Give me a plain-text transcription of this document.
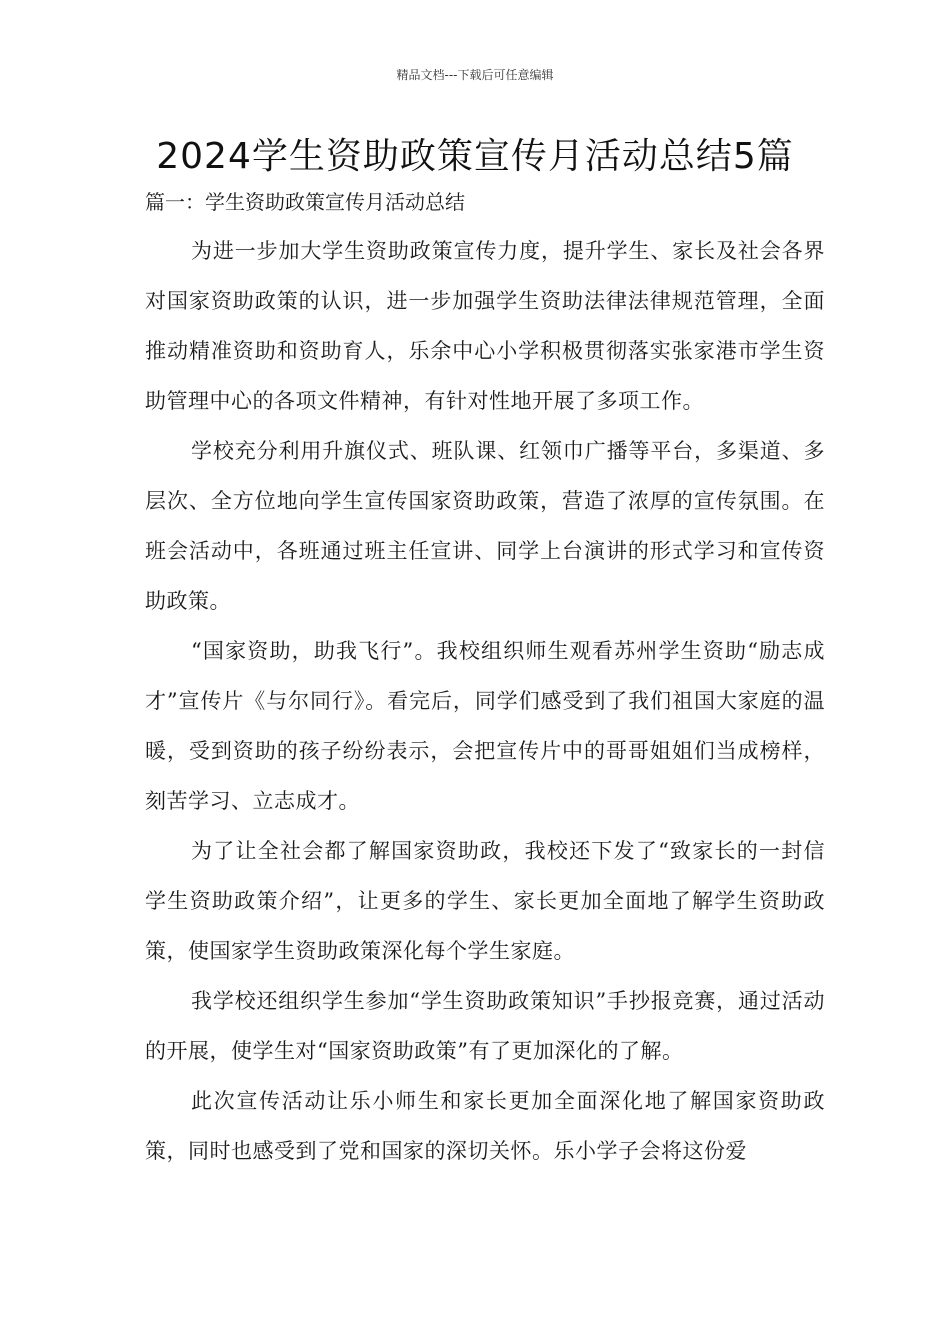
精品文档---下载后可任意编辑
2024学生资助政策宣传月活动总结5篇
篇一：学生资助政策宣传月活动总结

为进一步加大学生资助政策宣传力度，提升学生、家长及社会各界对国家资助政策的认识，进一步加强学生资助法律法律规范管理，全面推动精准资助和资助育人，乐余中心小学积极贯彻落实张家港市学生资助管理中心的各项文件精神，有针对性地开展了多项工作。

学校充分利用升旗仪式、班队课、红领巾广播等平台，多渠道、多层次、全方位地向学生宣传国家资助政策，营造了浓厚的宣传氛围。在班会活动中，各班通过班主任宣讲、同学上台演讲的形式学习和宣传资助政策。

“国家资助，助我飞行”。我校组织师生观看苏州学生资助“励志成才”宣传片《与尔同行》。看完后，同学们感受到了我们祖国大家庭的温暖，受到资助的孩子纷纷表示，会把宣传片中的哥哥姐姐们当成榜样，刻苦学习、立志成才。

为了让全社会都了解国家资助政，我校还下发了“致家长的一封信学生资助政策介绍”，让更多的学生、家长更加全面地了解学生资助政策，使国家学生资助政策深化每个学生家庭。

我学校还组织学生参加“学生资助政策知识”手抄报竞赛，通过活动的开展，使学生对“国家资助政策”有了更加深化的了解。

此次宣传活动让乐小师生和家长更加全面深化地了解国家资助政策，同时也感受到了党和国家的深切关怀。乐小学子会将这份爱
